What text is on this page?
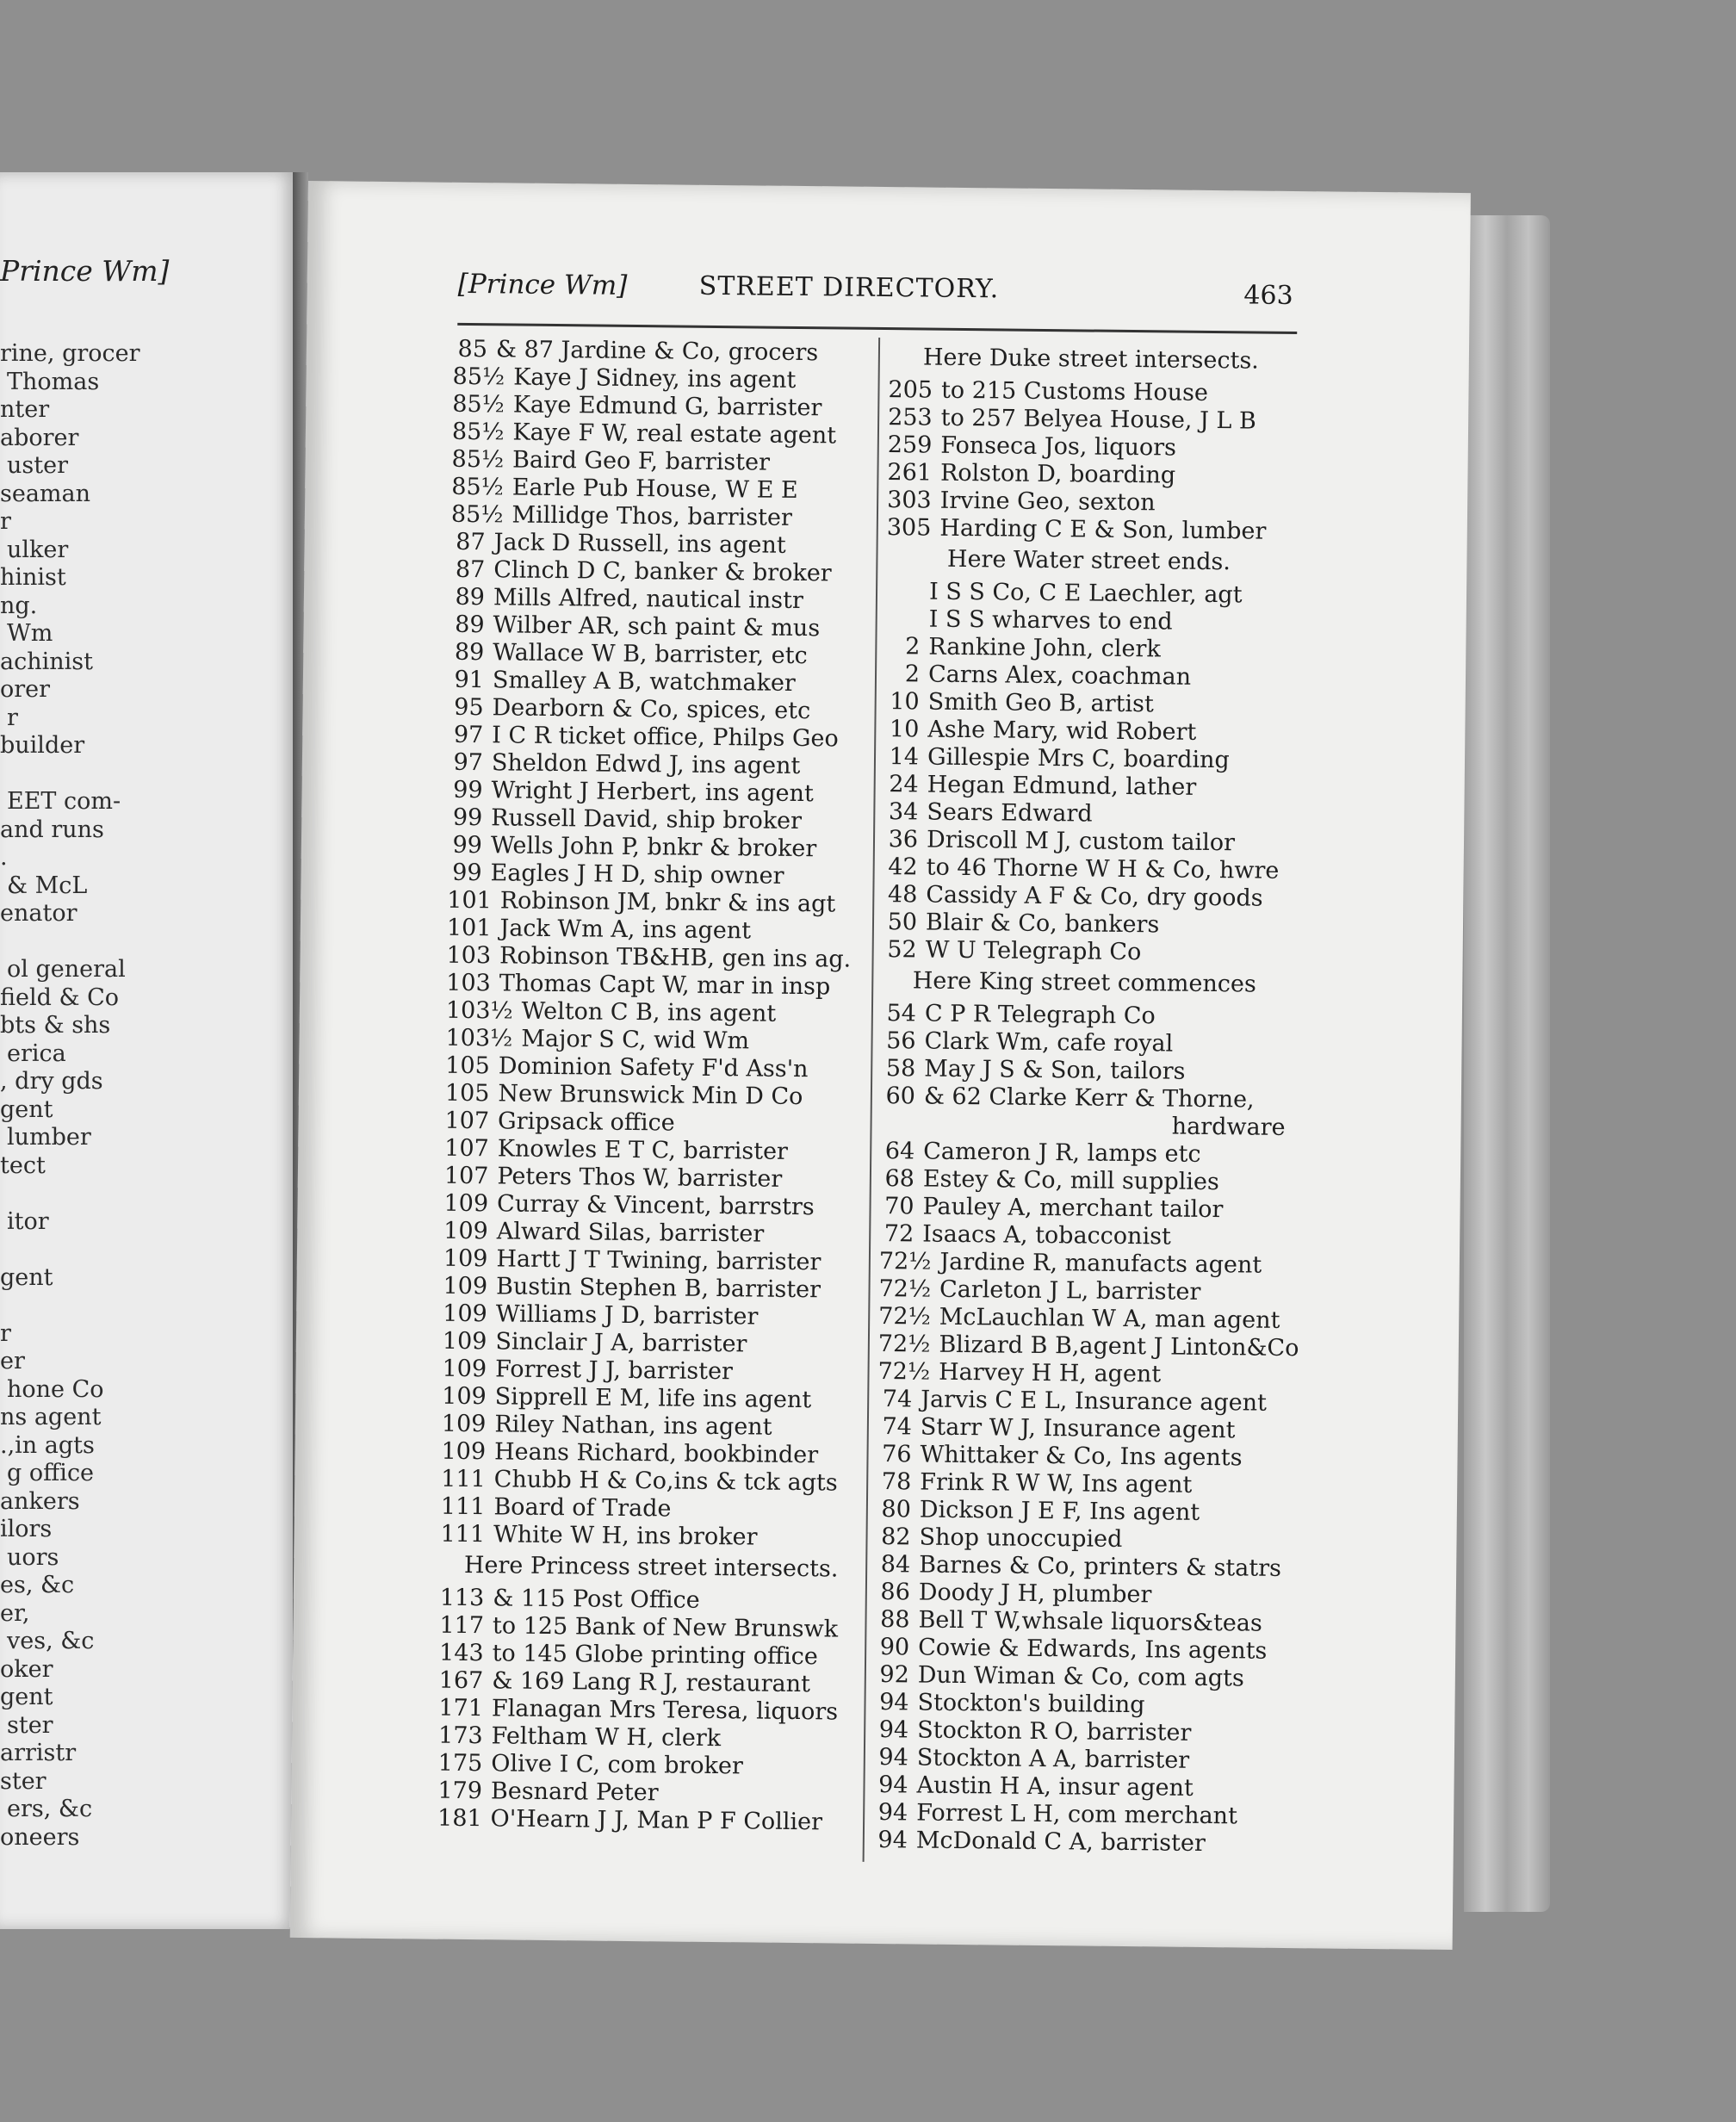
Prince Wm]
rine, grocer
Thomas
nter
aborer
uster
seaman
r
ulker
hinist
ng.
Wm
achinist
orer
r
builder
EET com-
and runs
.
& McL
enator
ol general
field & Co
bts & shs
erica
, dry gds
gent
lumber
tect
itor
gent
r
er
hone Co
ns agent
.,in agts
g office
ankers
ilors
uors
es, &c
er,
ves, &c
oker
gent
ster
arristr
ster
ers, &c
oneers
[Prince Wm]	STREET DIRECTORY.	463
85 & 87 Jardine & Co, grocers
85½ Kaye J Sidney, ins agent
85½ Kaye Edmund G, barrister
85½ Kaye F W, real estate agent
85½ Baird Geo F, barrister
85½ Earle Pub House, W E E
85½ Millidge Thos, barrister
87 Jack D Russell, ins agent
87 Clinch D C, banker & broker
89 Mills Alfred, nautical instr
89 Wilber AR, sch paint & mus
89 Wallace W B, barrister, etc
91 Smalley A B, watchmaker
95 Dearborn & Co, spices, etc
97 I C R ticket office, Philps Geo
97 Sheldon Edwd J, ins agent
99 Wright J Herbert, ins agent
99 Russell David, ship broker
99 Wells John P, bnkr & broker
99 Eagles J H D, ship owner
101 Robinson JM, bnkr & ins agt
101 Jack Wm A, ins agent
103 Robinson TB&HB, gen ins ag.
103 Thomas Capt W, mar in insp
103½ Welton C B, ins agent
103½ Major S C, wid Wm
105 Dominion Safety F'd Ass'n
105 New Brunswick Min D Co
107 Gripsack office
107 Knowles E T C, barrister
107 Peters Thos W, barrister
109 Curray & Vincent, barrstrs
109 Alward Silas, barrister
109 Hartt J T Twining, barrister
109 Bustin Stephen B, barrister
109 Williams J D, barrister
109 Sinclair J A, barrister
109 Forrest J J, barrister
109 Sipprell E M, life ins agent
109 Riley Nathan, ins agent
109 Heans Richard, bookbinder
111 Chubb H & Co,ins & tck agts
111 Board of Trade
111 White W H, ins broker
Here Princess street intersects.
113 & 115 Post Office
117 to 125 Bank of New Brunswk
143 to 145 Globe printing office
167 & 169 Lang R J, restaurant
171 Flanagan Mrs Teresa, liquors
173 Feltham W H, clerk
175 Olive I C, com broker
179 Besnard Peter
181 O'Hearn J J, Man P F Collier
Here Duke street intersects.
205 to 215 Customs House
253 to 257 Belyea House, J L B
259 Fonseca Jos, liquors
261 Rolston D, boarding
303 Irvine Geo, sexton
305 Harding C E & Son, lumber
Here Water street ends.
I S S Co, C E Laechler, agt
I S S wharves to end
2 Rankine John, clerk
2 Carns Alex, coachman
10 Smith Geo B, artist
10 Ashe Mary, wid Robert
14 Gillespie Mrs C, boarding
24 Hegan Edmund, lather
34 Sears Edward
36 Driscoll M J, custom tailor
42 to 46 Thorne W H & Co, hwre
48 Cassidy A F & Co, dry goods
50 Blair & Co, bankers
52 W U Telegraph Co
Here King street commences
54 C P R Telegraph Co
56 Clark Wm, cafe royal
58 May J S & Son, tailors
60 & 62 Clarke Kerr & Thorne,
hardware
64 Cameron J R, lamps etc
68 Estey & Co, mill supplies
70 Pauley A, merchant tailor
72 Isaacs A, tobacconist
72½ Jardine R, manufacts agent
72½ Carleton J L, barrister
72½ McLauchlan W A, man agent
72½ Blizard B B,agent J Linton&Co
72½ Harvey H H, agent
74 Jarvis C E L, Insurance agent
74 Starr W J, Insurance agent
76 Whittaker & Co, Ins agents
78 Frink R W W, Ins agent
80 Dickson J E F, Ins agent
82 Shop unoccupied
84 Barnes & Co, printers & statrs
86 Doody J H, plumber
88 Bell T W,whsale liquors&teas
90 Cowie & Edwards, Ins agents
92 Dun Wiman & Co, com agts
94 Stockton's building
94 Stockton R O, barrister
94 Stockton A A, barrister
94 Austin H A, insur agent
94 Forrest L H, com merchant
94 McDonald C A, barrister
